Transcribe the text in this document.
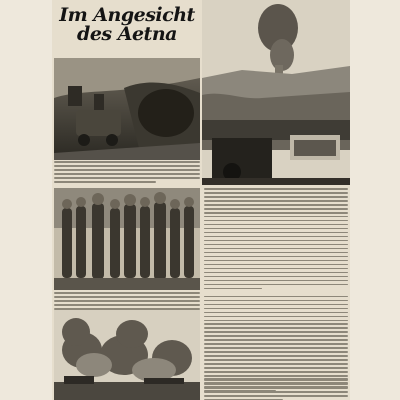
Im Angesicht
des Aetna
